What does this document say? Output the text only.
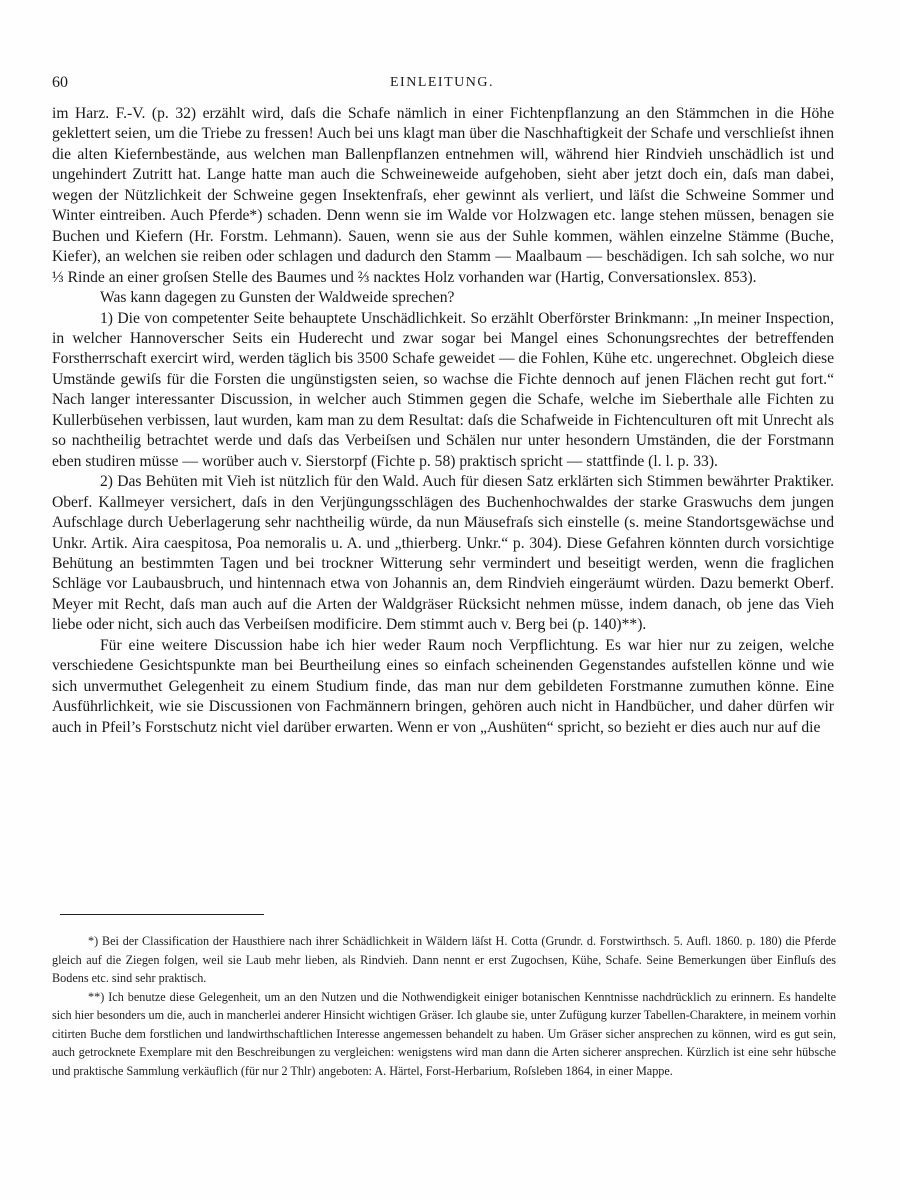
60	EINLEITUNG.

im Harz. F.-V. (p. 32) erzählt wird, daſs die Schafe nämlich in einer Fichtenpflanzung an den Stämmchen in die Höhe geklettert seien, um die Triebe zu fressen! Auch bei uns klagt man über die Naschhaftigkeit der Schafe und verschlieſst ihnen die alten Kiefernbestände, aus welchen man Ballenpflanzen entnehmen will, während hier Rindvieh unschädlich ist und ungehindert Zutritt hat. Lange hatte man auch die Schweineweide aufgehoben, sieht aber jetzt doch ein, daſs man dabei, wegen der Nützlichkeit der Schweine gegen Insektenfraſs, eher gewinnt als verliert, und läſst die Schweine Sommer und Winter eintreiben. Auch Pferde*) schaden. Denn wenn sie im Walde vor Holzwagen etc. lange stehen müssen, benagen sie Buchen und Kiefern (Hr. Forstm. Lehmann). Sauen, wenn sie aus der Suhle kommen, wählen einzelne Stämme (Buche, Kiefer), an welchen sie reiben oder schlagen und dadurch den Stamm — Maalbaum — beschädigen. Ich sah solche, wo nur ⅓ Rinde an einer groſsen Stelle des Baumes und ⅔ nacktes Holz vorhanden war (Hartig, Conversationslex. 853).

Was kann dagegen zu Gunsten der Waldweide sprechen?

1) Die von competenter Seite behauptete Unschädlichkeit. So erzählt Oberförster Brinkmann: „In meiner Inspection, in welcher Hannoverscher Seits ein Huderecht und zwar sogar bei Mangel eines Schonungsrechtes der betreffenden Forstherrschaft exercirt wird, werden täglich bis 3500 Schafe geweidet — die Fohlen, Kühe etc. ungerechnet. Obgleich diese Umstände gewiſs für die Forsten die ungünstigsten seien, so wachse die Fichte dennoch auf jenen Flächen recht gut fort.“ Nach langer interessanter Discussion, in welcher auch Stimmen gegen die Schafe, welche im Sieberthale alle Fichten zu Kullerbüsehen verbissen, laut wurden, kam man zu dem Resultat: daſs die Schafweide in Fichtenculturen oft mit Unrecht als so nachtheilig betrachtet werde und daſs das Verbeiſsen und Schälen nur unter hesondern Umständen, die der Forstmann eben studiren müsse — worüber auch v. Sierstorpf (Fichte p. 58) praktisch spricht — stattfinde (l. l. p. 33).

2) Das Behüten mit Vieh ist nützlich für den Wald. Auch für diesen Satz erklärten sich Stimmen bewährter Praktiker. Oberf. Kallmeyer versichert, daſs in den Verjüngungsschlägen des Buchenhochwaldes der starke Graswuchs dem jungen Aufschlage durch Ueberlagerung sehr nachtheilig würde, da nun Mäusefraſs sich einstelle (s. meine Standortsgewächse und Unkr. Artik. Aira caespitosa, Poa nemoralis u. A. und „thierberg. Unkr.“ p. 304). Diese Gefahren könnten durch vorsichtige Behütung an bestimmten Tagen und bei trockner Witterung sehr vermindert und beseitigt werden, wenn die fraglichen Schläge vor Laubausbruch, und hintennach etwa von Johannis an, dem Rindvieh eingeräumt würden. Dazu bemerkt Oberf. Meyer mit Recht, daſs man auch auf die Arten der Waldgräser Rücksicht nehmen müsse, indem danach, ob jene das Vieh liebe oder nicht, sich auch das Verbeiſsen modificire. Dem stimmt auch v. Berg bei (p. 140)**).

Für eine weitere Discussion habe ich hier weder Raum noch Verpflichtung. Es war hier nur zu zeigen, welche verschiedene Gesichtspunkte man bei Beurtheilung eines so einfach scheinenden Gegenstandes aufstellen könne und wie sich unvermuthet Gelegenheit zu einem Studium finde, das man nur dem gebildeten Forstmanne zumuthen könne. Eine Ausführlichkeit, wie sie Discussionen von Fachmännern bringen, gehören auch nicht in Handbücher, und daher dürfen wir auch in Pfeil’s Forstschutz nicht viel darüber erwarten. Wenn er von „Aushüten“ spricht, so bezieht er dies auch nur auf die

*) Bei der Classification der Hausthiere nach ihrer Schädlichkeit in Wäldern läſst H. Cotta (Grundr. d. Forstwirthsch. 5. Aufl. 1860. p. 180) die Pferde gleich auf die Ziegen folgen, weil sie Laub mehr lieben, als Rindvieh. Dann nennt er erst Zugochsen, Kühe, Schafe. Seine Bemerkungen über Einfluſs des Bodens etc. sind sehr praktisch.

**) Ich benutze diese Gelegenheit, um an den Nutzen und die Nothwendigkeit einiger botanischen Kenntnisse nachdrücklich zu erinnern. Es handelte sich hier besonders um die, auch in mancherlei anderer Hinsicht wichtigen Gräser. Ich glaube sie, unter Zufügung kurzer Tabellen-Charaktere, in meinem vorhin citirten Buche dem forstlichen und landwirthschaftlichen Interesse angemessen behandelt zu haben. Um Gräser sicher ansprechen zu können, wird es gut sein, auch getrocknete Exemplare mit den Beschreibungen zu vergleichen: wenigstens wird man dann die Arten sicherer ansprechen. Kürzlich ist eine sehr hübsche und praktische Sammlung verkäuflich (für nur 2 Thlr) angeboten: A. Härtel, Forst-Herbarium, Roſsleben 1864, in einer Mappe.
